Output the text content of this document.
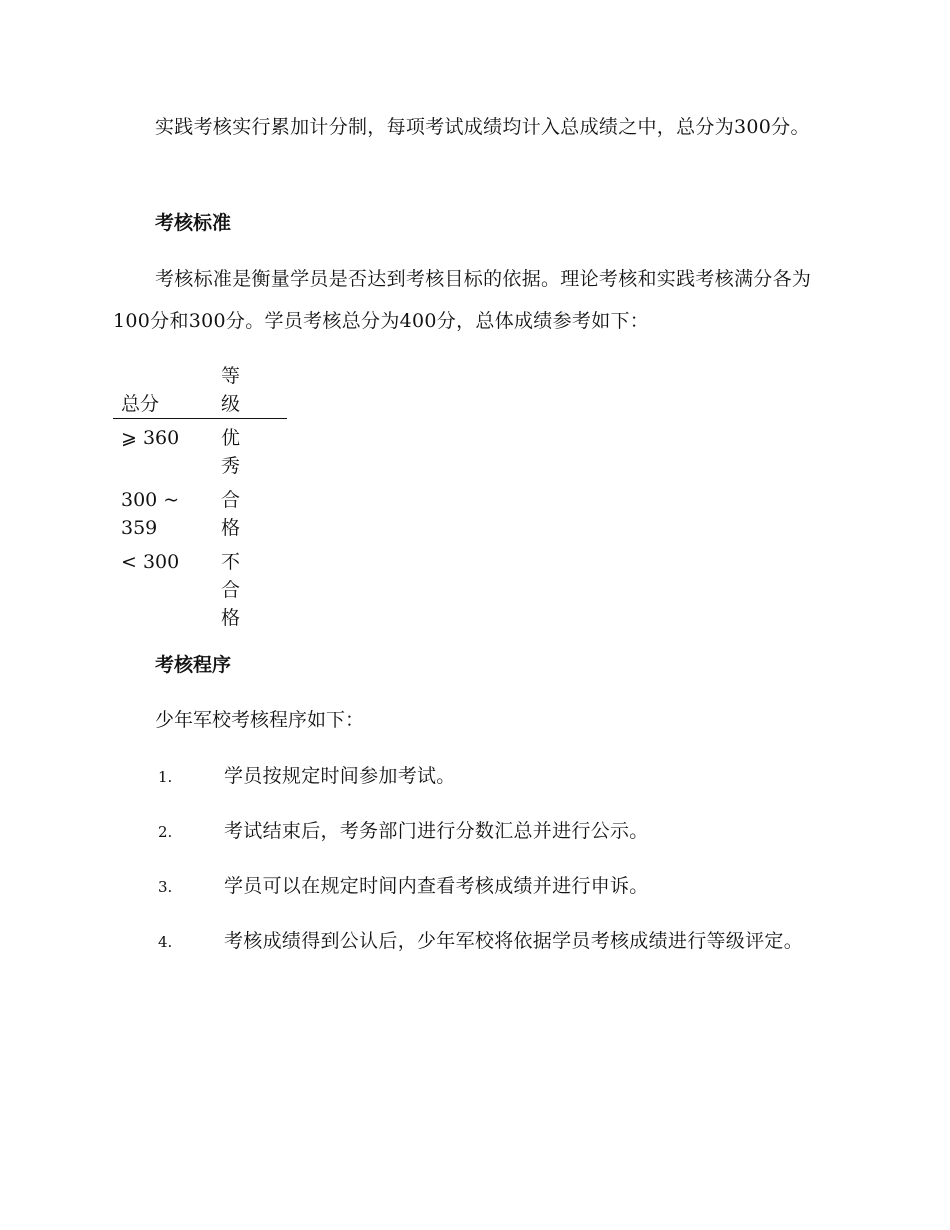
实践考核实行累加计分制，每项考试成绩均计入总成绩之中，总分为300分。

考核标准

考核标准是衡量学员是否达到考核目标的依据。理论考核和实践考核满分各为100分和300分。学员考核总分为400分，总体成绩参考如下：

总分	等级

⩾ 360	优秀

300 ~ 359	合格

< 300	不合格
考核程序

少年军校考核程序如下：

1.	学员按规定时间参加考试。

2.	考试结束后，考务部门进行分数汇总并进行公示。

3.	学员可以在规定时间内查看考核成绩并进行申诉。

4.	考核成绩得到公认后，少年军校将依据学员考核成绩进行等级评定。
